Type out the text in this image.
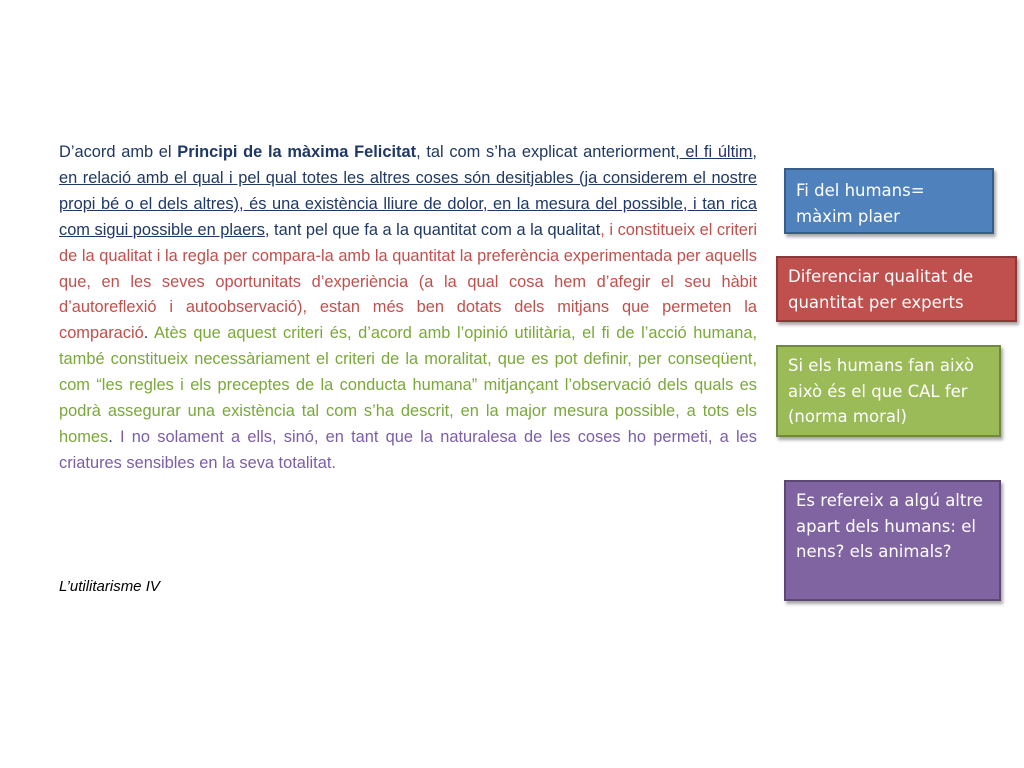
D’acord amb el Principi de la màxima Felicitat, tal com s’ha explicat anteriorment, el fi últim, en relació amb el qual i pel qual totes les altres coses són desitjables (ja considerem el nostre propi bé o el dels altres), és una existència lliure de dolor, en la mesura del possible, i tan rica com sigui possible en plaers, tant pel que fa a la quantitat com a la qualitat, i constitueix el criteri de la qualitat i la regla per compara-la amb la quantitat la preferència experimentada per aquells que, en les seves oportunitats d’experiència (a la qual cosa hem d’afegir el seu hàbit d’autoreflexió i autoobservació), estan més ben dotats dels mitjans que permeten la comparació. Atès que aquest criteri és, d’acord amb l’opinió utilitària, el fi de l’acció humana, també constitueix necessàriament el criteri de la moralitat, que es pot definir, per conseqüent, com “les regles i els preceptes de la conducta humana” mitjançant l’observació dels quals es podrà assegurar una existència tal com s’ha descrit, en la major mesura possible, a tots els homes. I no solament a ells, sinó, en tant que la naturalesa de les coses ho permeti, a les criatures sensibles en la seva totalitat.
L’utilitarisme IV
Fi del humans= màxim plaer
Diferenciar qualitat de quantitat per experts
Si els humans fan això això és el que CAL fer (norma moral)
Es refereix a algú altre apart dels humans: el nens? els animals?
